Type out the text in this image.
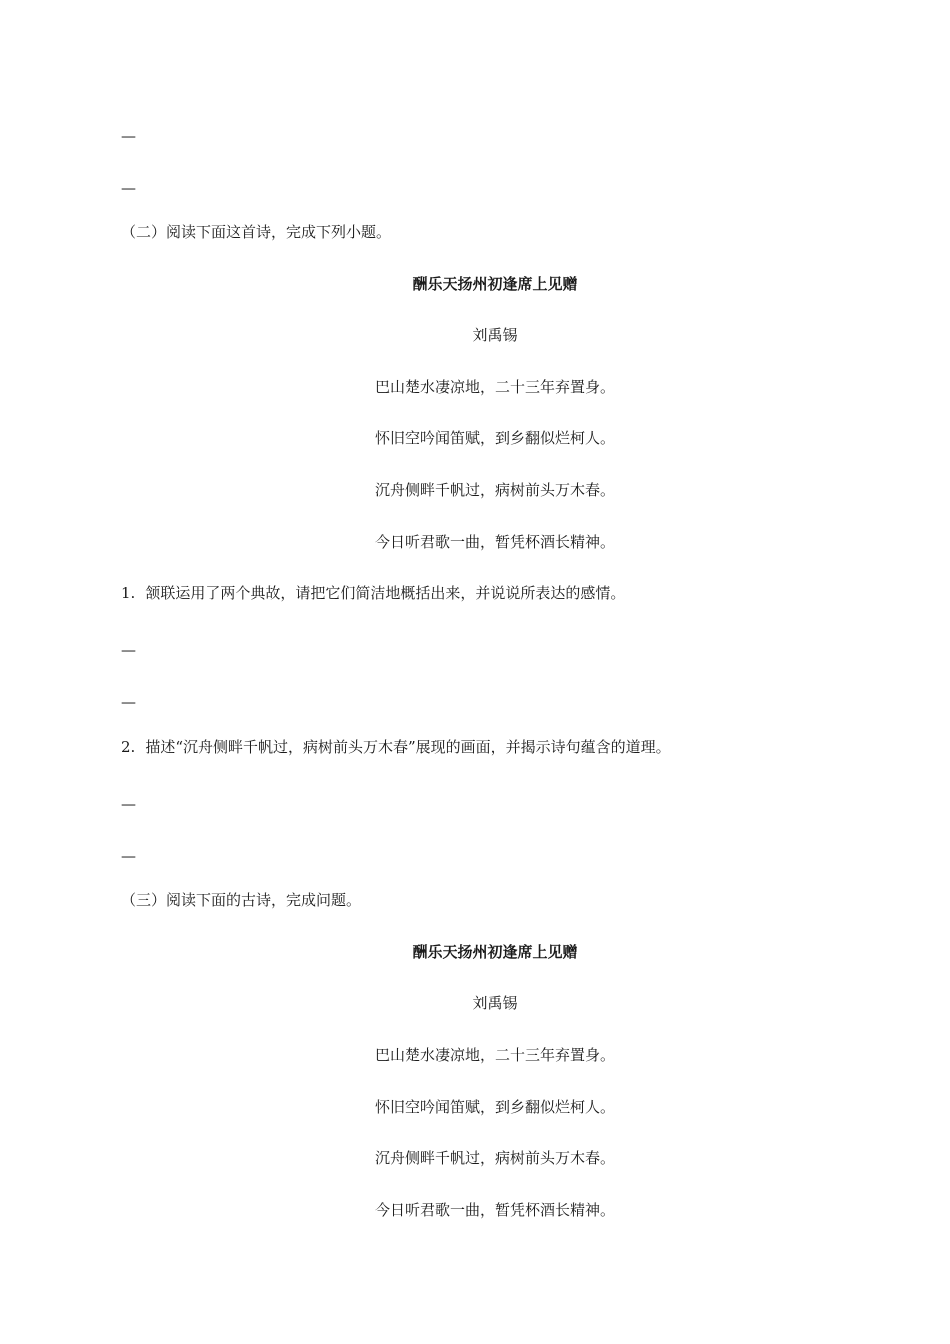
—
—
（二）阅读下面这首诗，完成下列小题。
酬乐天扬州初逢席上见赠
刘禹锡
巴山楚水凄凉地，二十三年弃置身。
怀旧空吟闻笛赋，到乡翻似烂柯人。
沉舟侧畔千帆过，病树前头万木春。
今日听君歌一曲，暂凭杯酒长精神。
1. 颔联运用了两个典故，请把它们简洁地概括出来，并说说所表达的感情。
—
—
2. 描述“沉舟侧畔千帆过，病树前头万木春”展现的画面，并揭示诗句蕴含的道理。
—
—
（三）阅读下面的古诗，完成问题。
酬乐天扬州初逢席上见赠
刘禹锡
巴山楚水凄凉地，二十三年弃置身。
怀旧空吟闻笛赋，到乡翻似烂柯人。
沉舟侧畔千帆过，病树前头万木春。
今日听君歌一曲，暂凭杯酒长精神。
